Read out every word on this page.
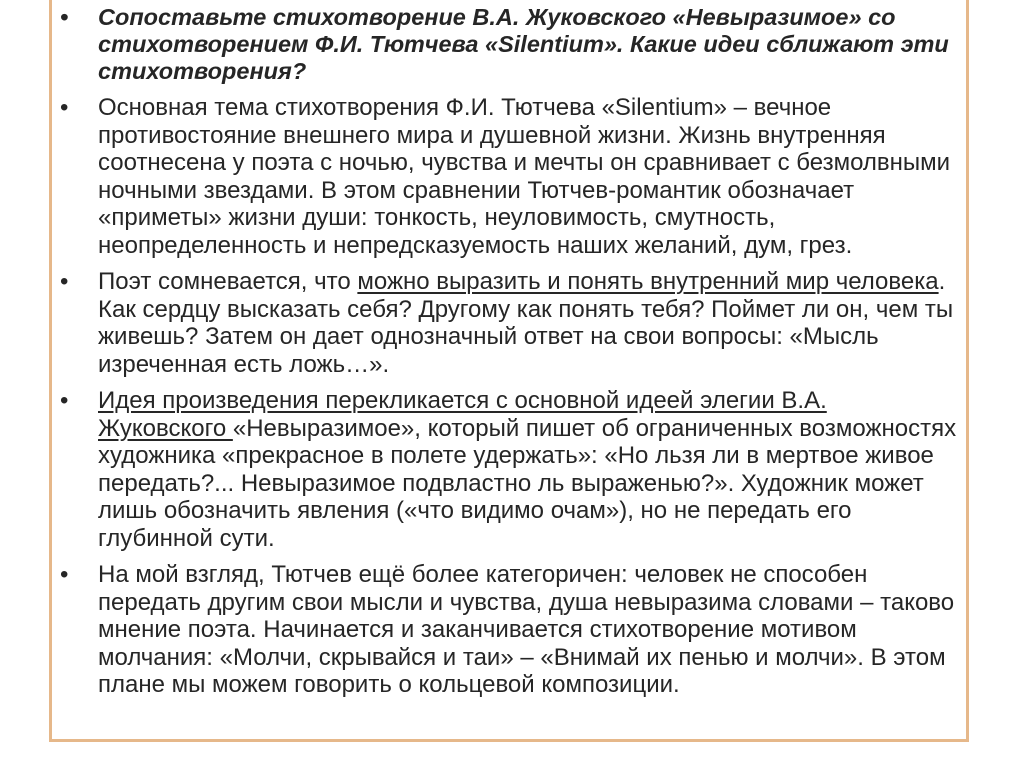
•	Сопоставьте стихотворение В.А. Жуковского «Невыразимое» со стихотворением Ф.И. Тютчева «Silentium». Какие идеи сближают эти стихотворения?
•	Основная тема стихотворения Ф.И. Тютчева «Silentium» – вечное противостояние внешнего мира и душевной жизни. Жизнь внутренняя соотнесена у поэта с ночью, чувства и мечты он сравнивает с безмолвными ночными звездами. В этом сравнении Тютчев-романтик обозначает «приметы» жизни души: тонкость, неуловимость, смутность, неопределенность и непредсказуемость наших желаний, дум, грез.
•	Поэт сомневается, что можно выразить и понять внутренний мир человека. Как сердцу высказать себя? Другому как понять тебя? Поймет ли он, чем ты живешь? Затем он дает однозначный ответ на свои вопросы: «Мысль изреченная есть ложь…».
•	Идея произведения перекликается с основной идеей элегии В.А. Жуковского «Невыразимое», который пишет об ограниченных возможностях художника «прекрасное в полете удержать»: «Но льзя ли в мертвое живое передать?... Невыразимое подвластно ль выраженью?». Художник может лишь обозначить явления («что видимо очам»), но не передать его глубинной сути.
•	На мой взгляд, Тютчев ещё более категоричен: человек не способен передать другим свои мысли и чувства, душа невыразима словами – таково мнение поэта. Начинается и заканчивается стихотворение мотивом молчания: «Молчи, скрывайся и таи» – «Внимай их пенью и молчи». В этом плане мы можем говорить о кольцевой композиции.
